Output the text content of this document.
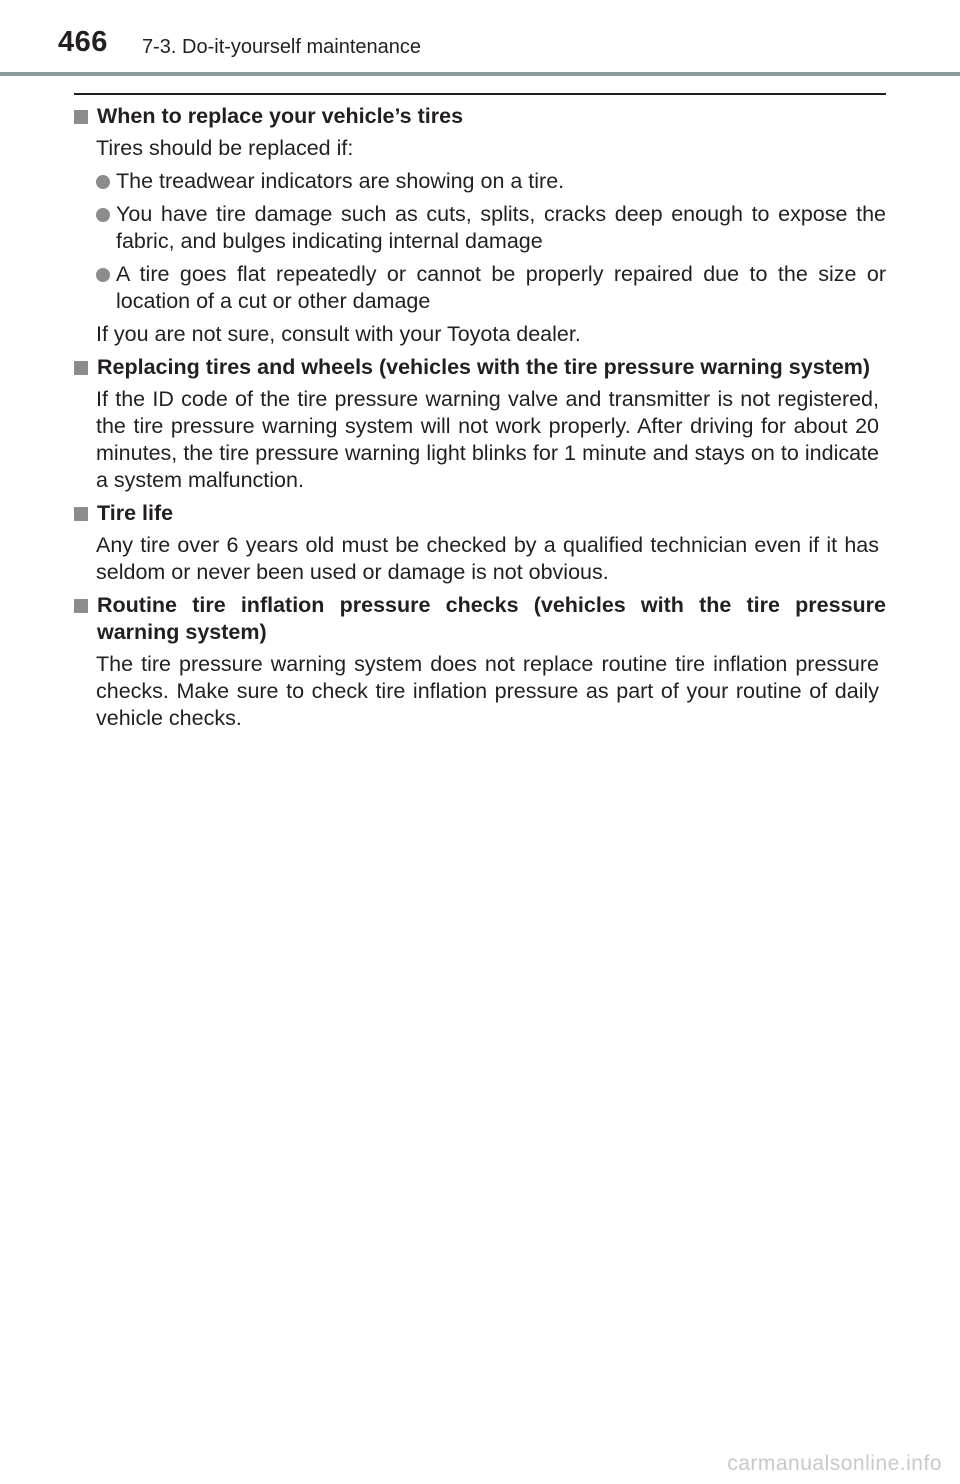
466 7-3. Do-it-yourself maintenance
When to replace your vehicle’s tires
Tires should be replaced if:
The treadwear indicators are showing on a tire.
You have tire damage such as cuts, splits, cracks deep enough to expose the fabric, and bulges indicating internal damage
A tire goes flat repeatedly or cannot be properly repaired due to the size or location of a cut or other damage
If you are not sure, consult with your Toyota dealer.
Replacing tires and wheels (vehicles with the tire pressure warning system)
If the ID code of the tire pressure warning valve and transmitter is not registered, the tire pressure warning system will not work properly. After driving for about 20 minutes, the tire pressure warning light blinks for 1 minute and stays on to indicate a system malfunction.
Tire life
Any tire over 6 years old must be checked by a qualified technician even if it has seldom or never been used or damage is not obvious.
Routine tire inflation pressure checks (vehicles with the tire pressure warning system)
The tire pressure warning system does not replace routine tire inflation pressure checks. Make sure to check tire inflation pressure as part of your routine of daily vehicle checks.
carmanualsonline.info
